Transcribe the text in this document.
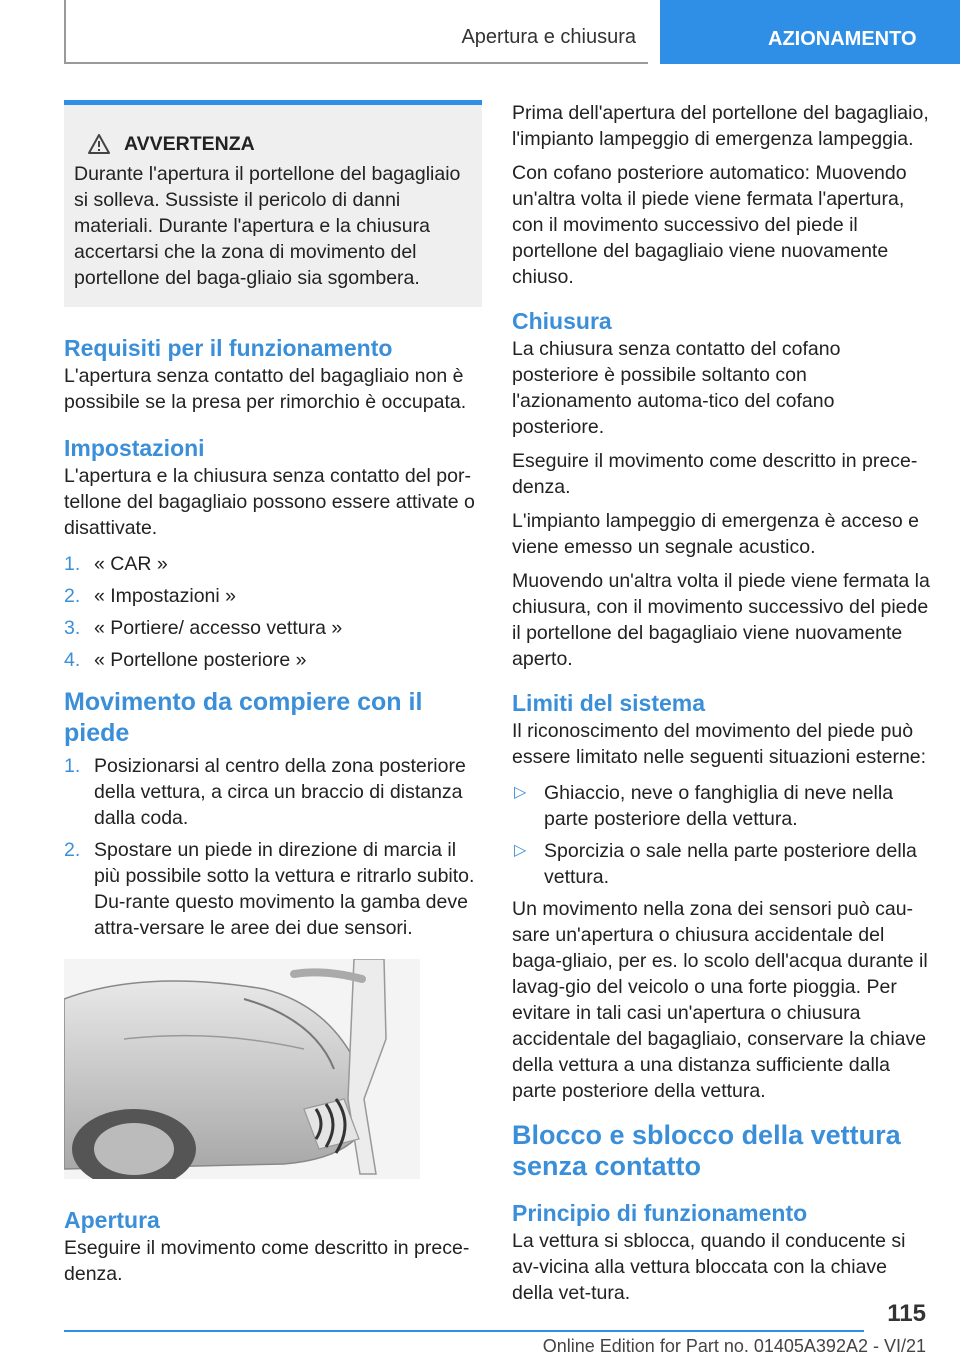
Apertura e chiusura	AZIONAMENTO
AVVERTENZA

Durante l'apertura il portellone del bagagliaio si solleva. Sussiste il pericolo di danni materiali. Durante l'apertura e la chiusura accertarsi che la zona di movimento del portellone del baga-gliaio sia sgombera.

Requisiti per il funzionamento

L'apertura senza contatto del bagagliaio non è possibile se la presa per rimorchio è occupata.

Impostazioni

L'apertura e la chiusura senza contatto del por-tellone del bagagliaio possono essere attivate o disattivate.

1. « CAR »
2. « Impostazioni »
3. « Portiere/ accesso vettura »
4. « Portellone posteriore »
Movimento da compiere con il piede
1. Posizionarsi al centro della zona posteriore della vettura, a circa un braccio di distanza dalla coda.
2. Spostare un piede in direzione di marcia il più possibile sotto la vettura e ritrarlo subito. Du-rante questo movimento la gamba deve attra-versare le aree dei due sensori.
Apertura

Eseguire il movimento come descritto in prece-denza.

Prima dell'apertura del portellone del bagagliaio, l'impianto lampeggio di emergenza lampeggia.

Con cofano posteriore automatico: Muovendo un'altra volta il piede viene fermata l'apertura, con il movimento successivo del piede il portellone del bagagliaio viene nuovamente chiuso.

Chiusura

La chiusura senza contatto del cofano posteriore è possibile soltanto con l'azionamento automa-tico del cofano posteriore.

Eseguire il movimento come descritto in prece-denza.

L'impianto lampeggio di emergenza è acceso e viene emesso un segnale acustico.

Muovendo un'altra volta il piede viene fermata la chiusura, con il movimento successivo del piede il portellone del bagagliaio viene nuovamente aperto.

Limiti del sistema

Il riconoscimento del movimento del piede può essere limitato nelle seguenti situazioni esterne:

▷ Ghiaccio, neve o fanghiglia di neve nella parte posteriore della vettura.
▷ Sporcizia o sale nella parte posteriore della vettura.

Un movimento nella zona dei sensori può cau-sare un'apertura o chiusura accidentale del baga-gliaio, per es. lo scolo dell'acqua durante il lavag-gio del veicolo o una forte pioggia. Per evitare in tali casi un'apertura o chiusura accidentale del bagagliaio, conservare la chiave della vettura a una distanza sufficiente dalla parte posteriore della vettura.

Blocco e sblocco della vettura senza contatto
Principio di funzionamento

La vettura si sblocca, quando il conducente si av-vicina alla vettura bloccata con la chiave della vet-tura.

115
Online Edition for Part no. 01405A392A2 - VI/21
